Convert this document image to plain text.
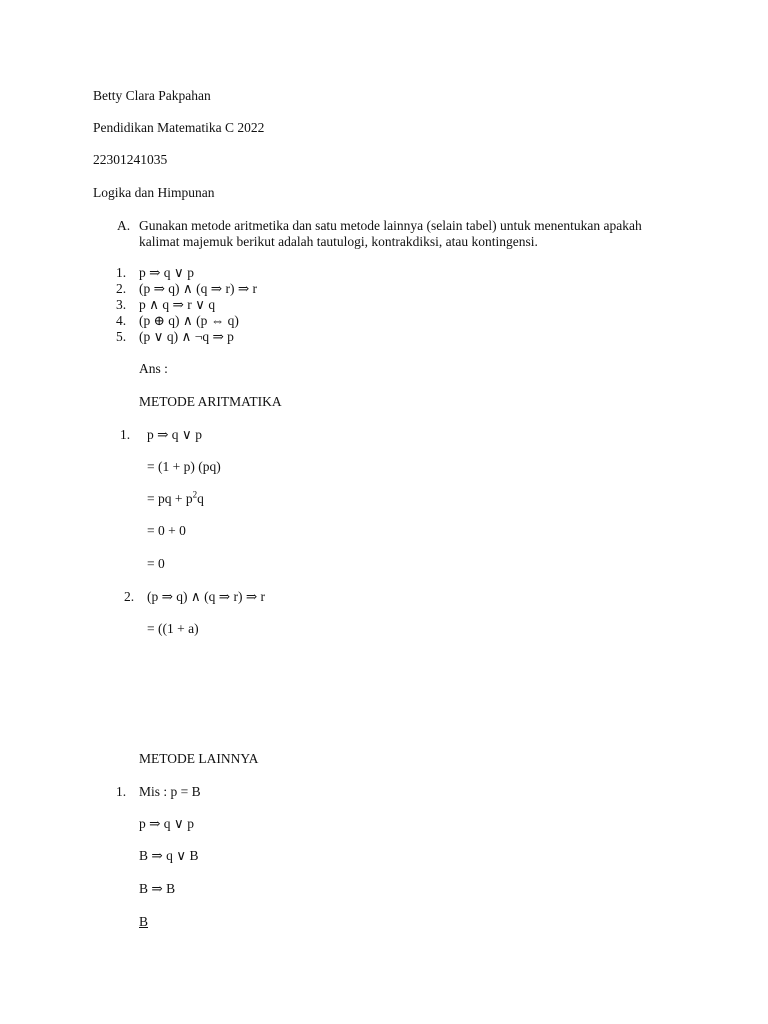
Betty Clara Pakpahan
Pendidikan Matematika C 2022
22301241035
Logika dan Himpunan
A. Gunakan metode aritmetika dan satu metode lainnya (selain tabel) untuk menentukan apakah
kalimat majemuk berikut adalah tautulogi, kontrakdiksi, atau kontingensi.
1. p ⇒ q ∨ p
2. (p ⇒ q) ∧ (q ⇒ r) ⇒ r
3. p ∧ q ⇒ r ∨ q
4. (p ⊕ q) ∧ (p ⇔ q)
5. (p ∨ q) ∧ ¬q ⇒ p
Ans :
METODE ARITMATIKA
1. p ⇒ q ∨ p
= (1 + p) (pq)
= pq + $p^2q$
= 0 + 0
= 0
2. (p ⇒ q) ∧ (q ⇒ r) ⇒ r
= ((1 + a)
METODE LAINNYA
1. Mis : p = B
p ⇒ q ∨ p
B ⇒ q ∨ B
B ⇒ B
B
